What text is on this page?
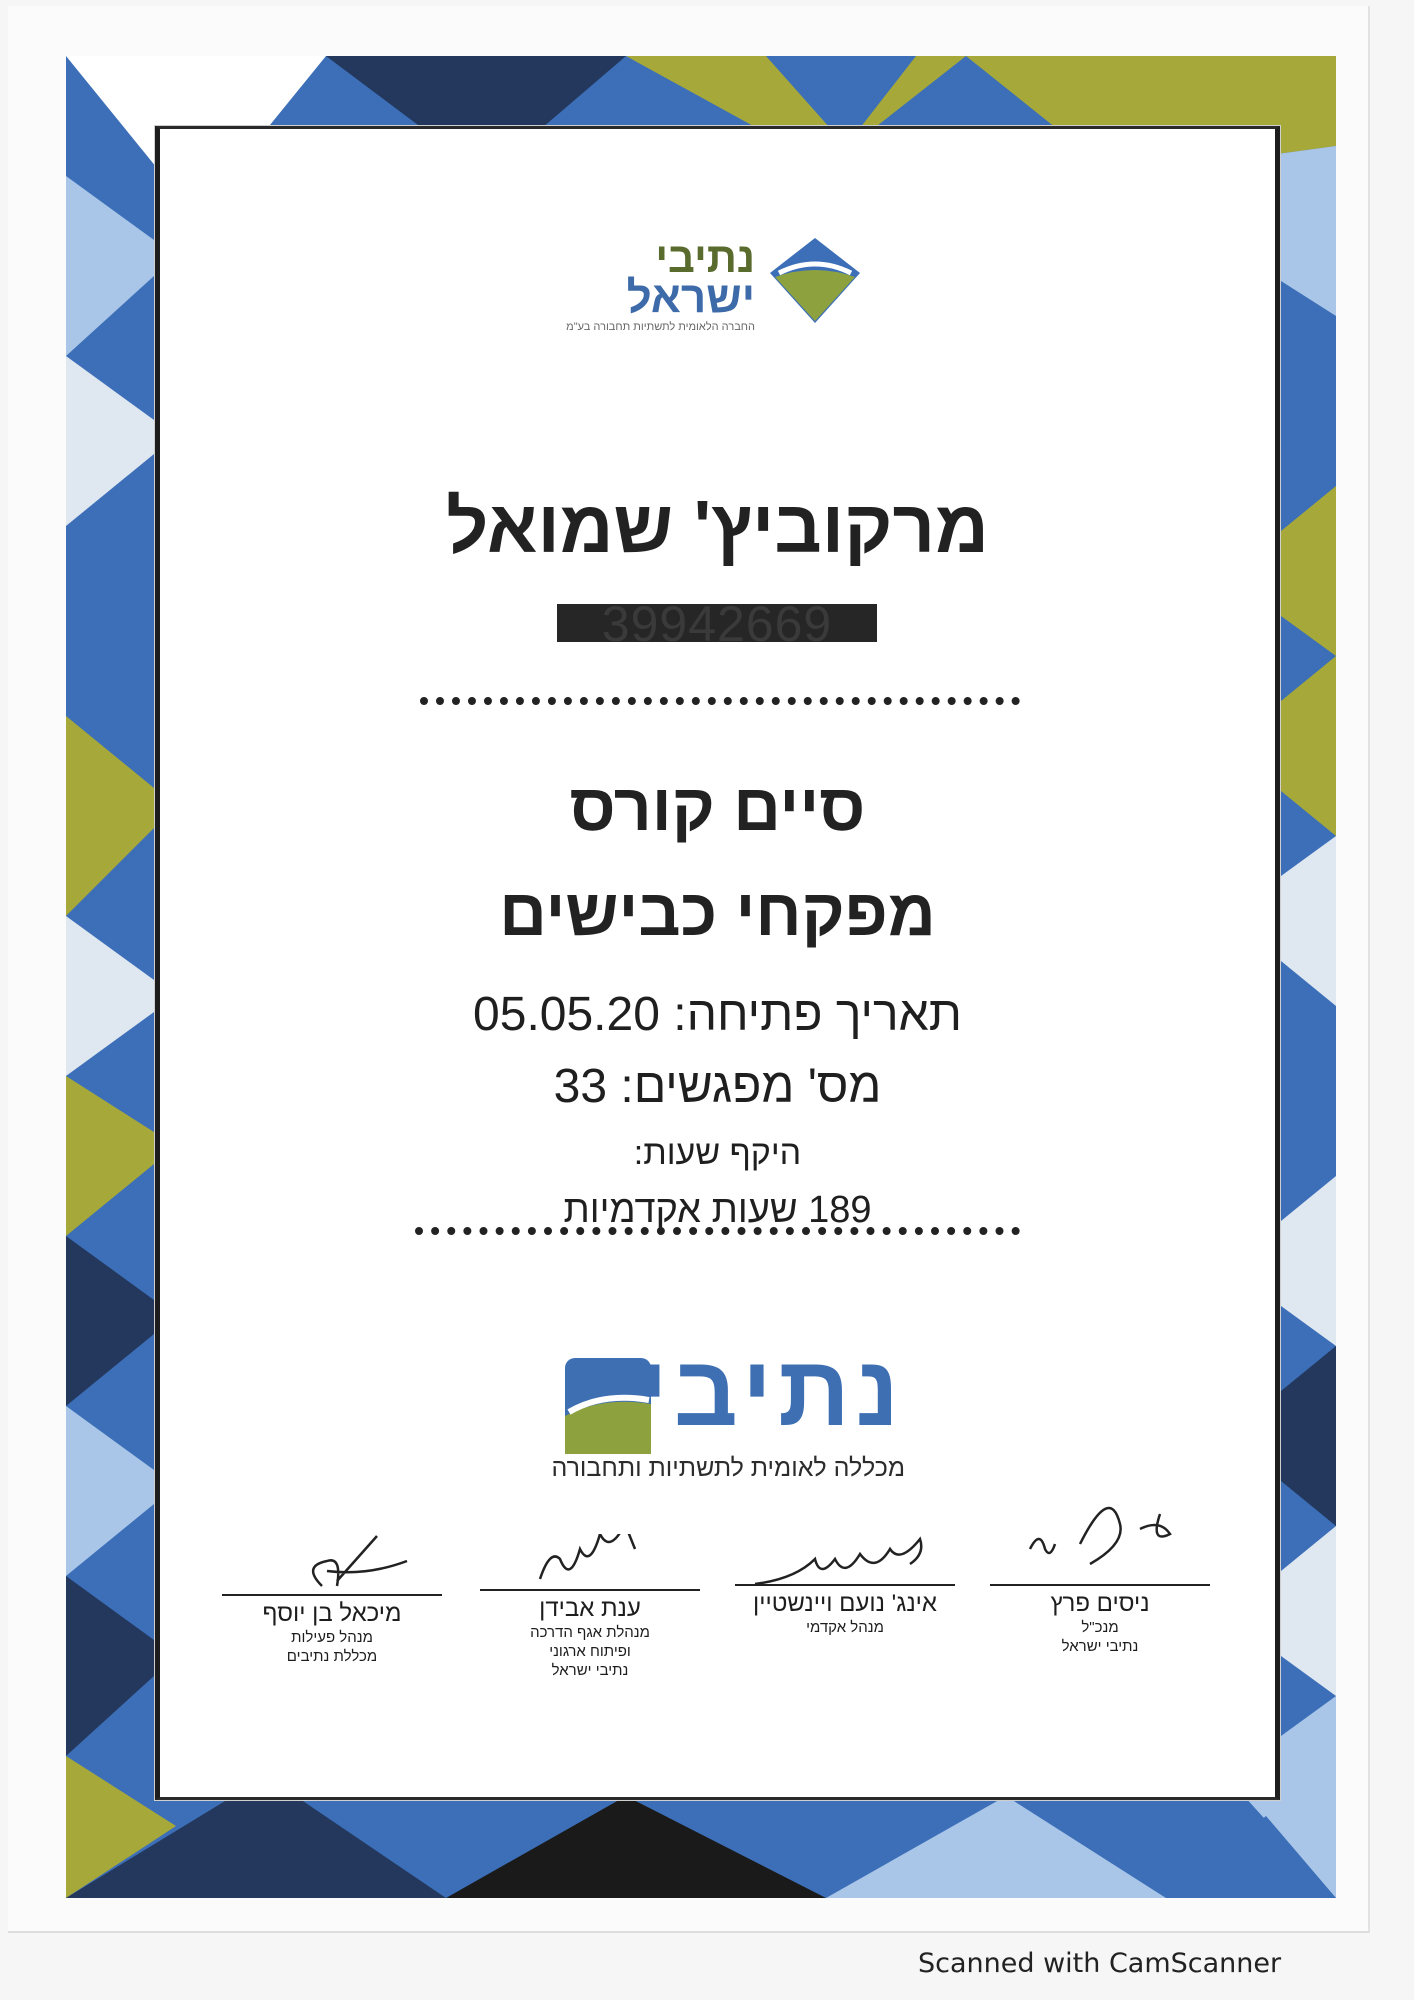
נתיבי
ישראל
החברה הלאומית לתשתיות תחבורה בע"מ
מרקוביץ' שמואל
39942669
סיים קורס
מפקחי כבישים
תאריך פתיחה: 05.05.20
מס' מפגשים: 33
היקף שעות:
189 שעות אקדמיות
נתיבי
מכללה לאומית לתשתיות ותחבורה
ניסים פרץ
מנכ"ל
נתיבי ישראל
אינג' נועם ויינשטיין
מנהל אקדמי
ענת אבידן
מנהלת אגף הדרכה
ופיתוח ארגוני
נתיבי ישראל
מיכאל בן יוסף
מנהל פעילות
מכללת נתיבים
Scanned with CamScanner
